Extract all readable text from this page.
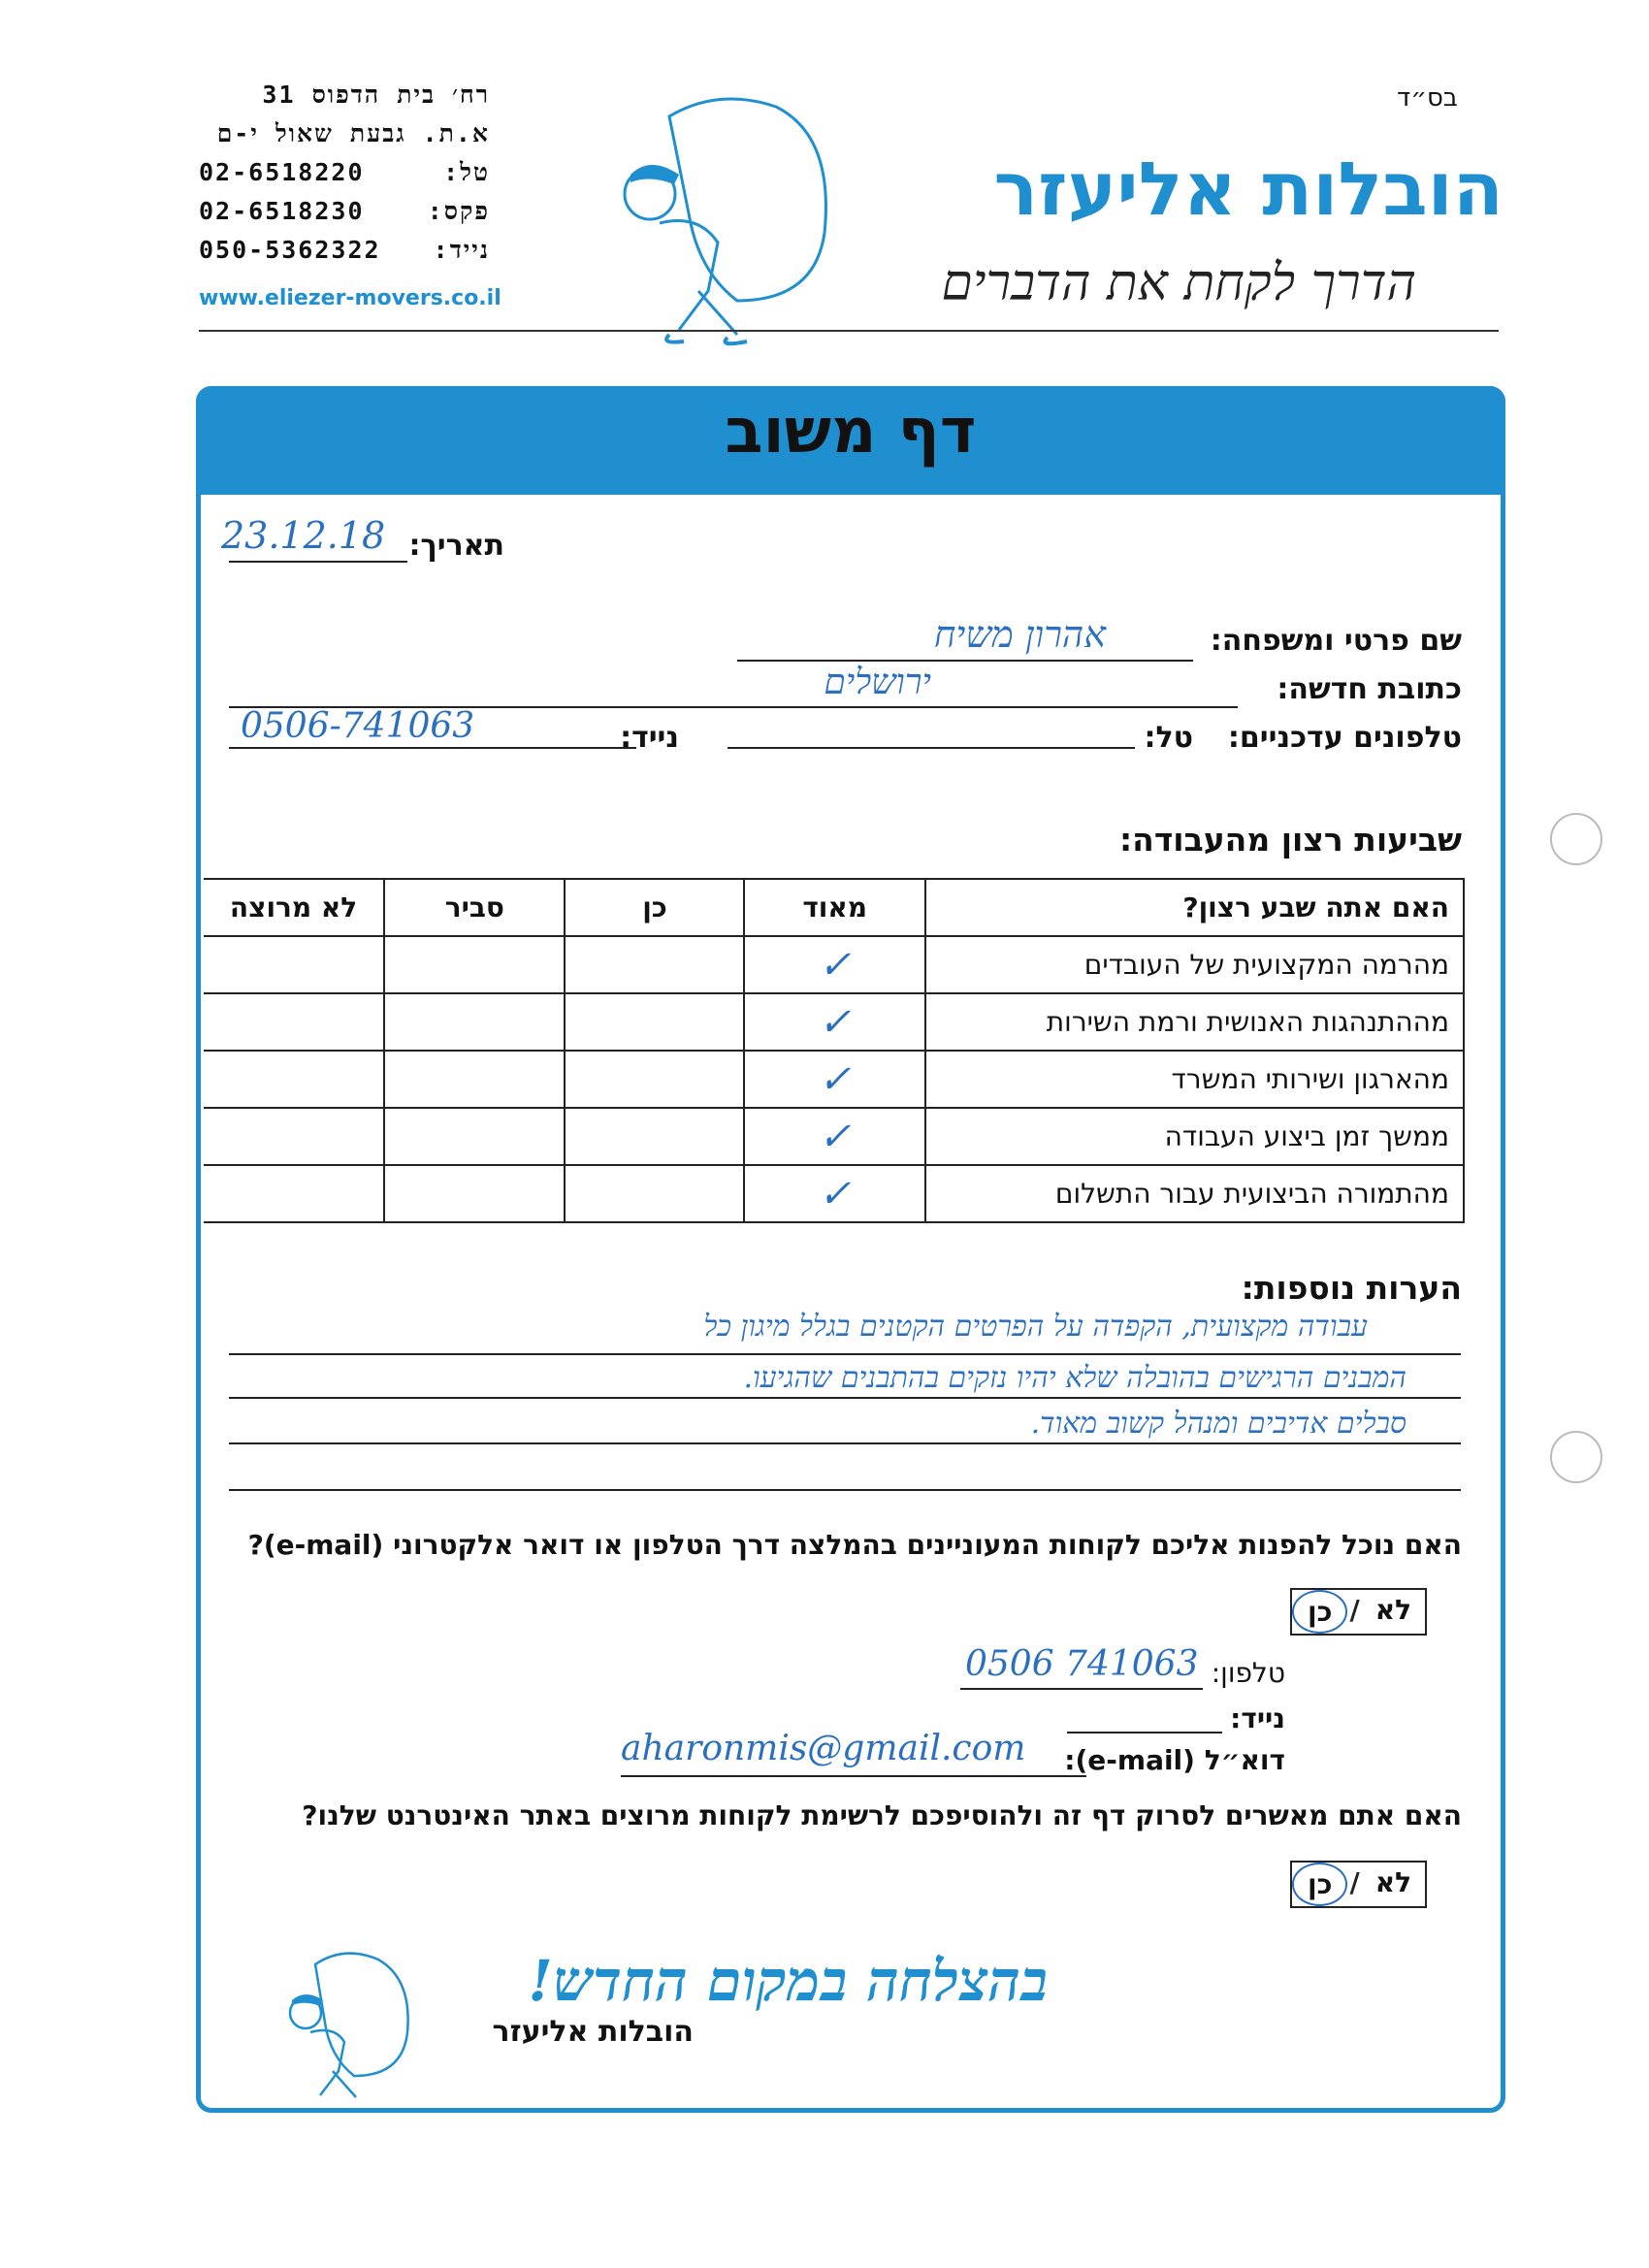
בס״ד
הובלות אליעזר
הדרך לקחת את הדברים
רח׳ בית הדפוס 31
א.ת. גבעת שאול י-ם
טל:
02-6518220
פקס:
02-6518230
נייד:
050-5362322
www.eliezer-movers.co.il
דף משוב
תאריך:
23.12.18
שם פרטי ומשפחה:
אהרון משיח
כתובת חדשה:
ירושלים
טלפונים עדכניים:
טל:
נייד:
0506-741063
שביעות רצון מהעבודה:
האם אתה שבע רצון?	מאוד	כן	סביר	לא מרוצה
מהרמה המקצועית של העובדים	✓			
מההתנהגות האנושית ורמת השירות	✓			
מהארגון ושירותי המשרד	✓			
ממשך זמן ביצוע העבודה	✓			
מהתמורה הביצועית עבור התשלום	✓			
הערות נוספות:
עבודה מקצועית, הקפדה על הפרטים הקטנים בגלל מיגון כל
המבנים הרגישים בהובלה שלא יהיו נזקים בהתבנים שהגיעו.
סבלים אדיבים ומנהל קשוב מאוד.
האם נוכל להפנות אליכם לקוחות המעוניינים בהמלצה דרך הטלפון או דואר אלקטרוני (e-mail)?
לא
/
כן
טלפון:
0506 741063
נייד:
דוא״ל (e-mail):
aharonmis@gmail.com
האם אתם מאשרים לסרוק דף זה ולהוסיפכם לרשימת לקוחות מרוצים באתר האינטרנט שלנו?
לא
/
כן
בהצלחה במקום החדש!
הובלות אליעזר
